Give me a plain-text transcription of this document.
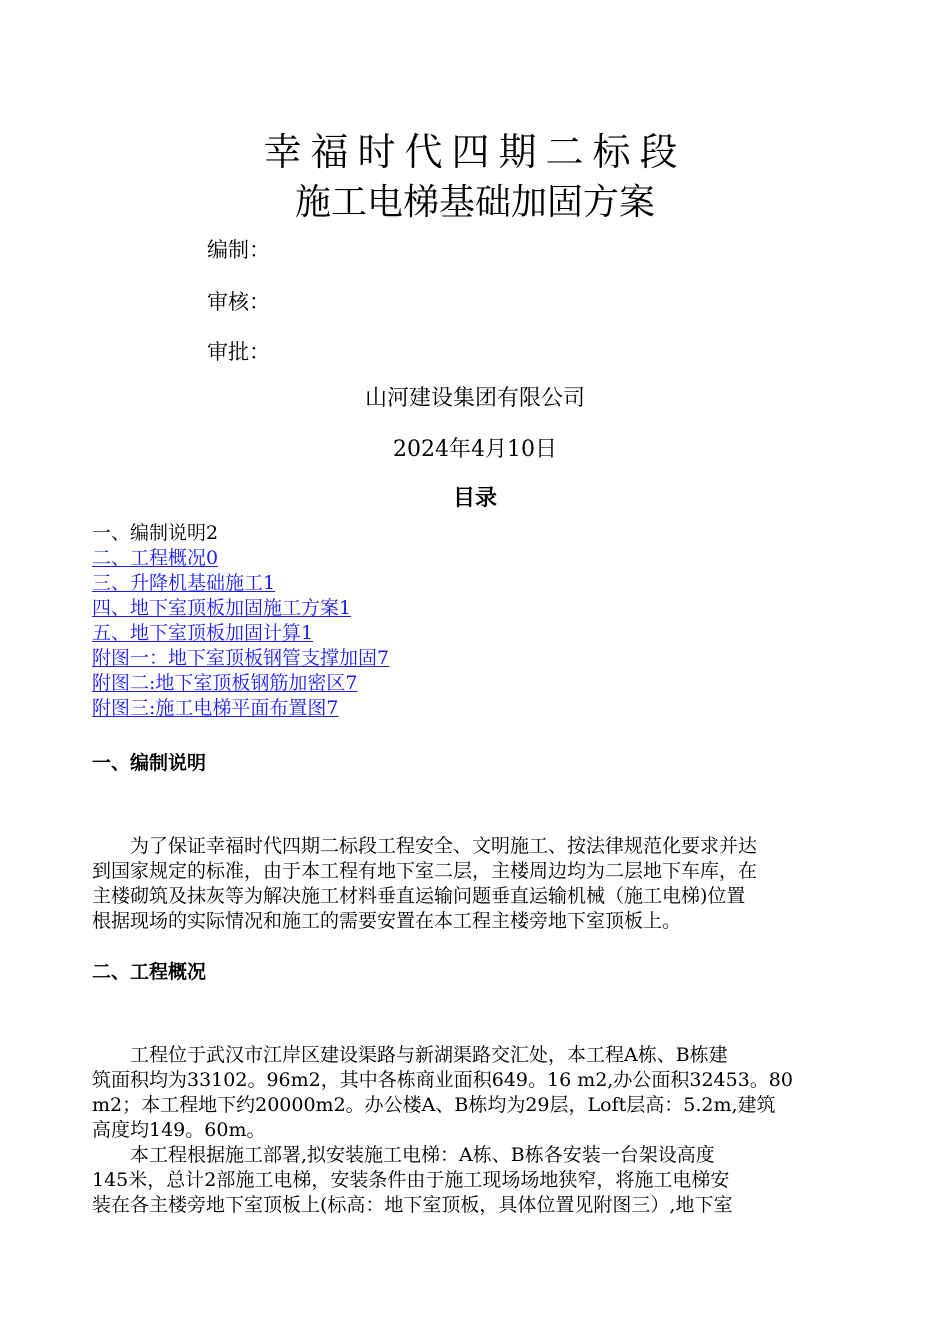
幸福时代四期二标段
施工电梯基础加固方案
编制：
审核：
审批：
山河建设集团有限公司
2024年4月10日
目录
一、编制说明2
二、工程概况0
三、升降机基础施工1
四、地下室顶板加固施工方案1
五、地下室顶板加固计算1
附图一：地下室顶板钢管支撑加固7
附图二:地下室顶板钢筋加密区7
附图三:施工电梯平面布置图7
一、编制说明

　　为了保证幸福时代四期二标段工程安全、文明施工、按法律规范化要求并达
到国家规定的标准，由于本工程有地下室二层，主楼周边均为二层地下车库，在
主楼砌筑及抹灰等为解决施工材料垂直运输问题垂直运输机械（施工电梯)位置
根据现场的实际情况和施工的需要安置在本工程主楼旁地下室顶板上。

二、工程概况

　　工程位于武汉市江岸区建设渠路与新湖渠路交汇处，本工程A栋、B栋建
筑面积均为33102。96m2，其中各栋商业面积649。16 m2,办公面积32453。80
m2；本工程地下约20000m2。办公楼A、B栋均为29层，Loft层高：5.2m,建筑
高度均149。60m。

　　本工程根据施工部署,拟安装施工电梯：A栋、B栋各安装一台架设高度
145米，总计2部施工电梯，安装条件由于施工现场场地狭窄，将施工电梯安
装在各主楼旁地下室顶板上(标高：地下室顶板，具体位置见附图三）,地下室
